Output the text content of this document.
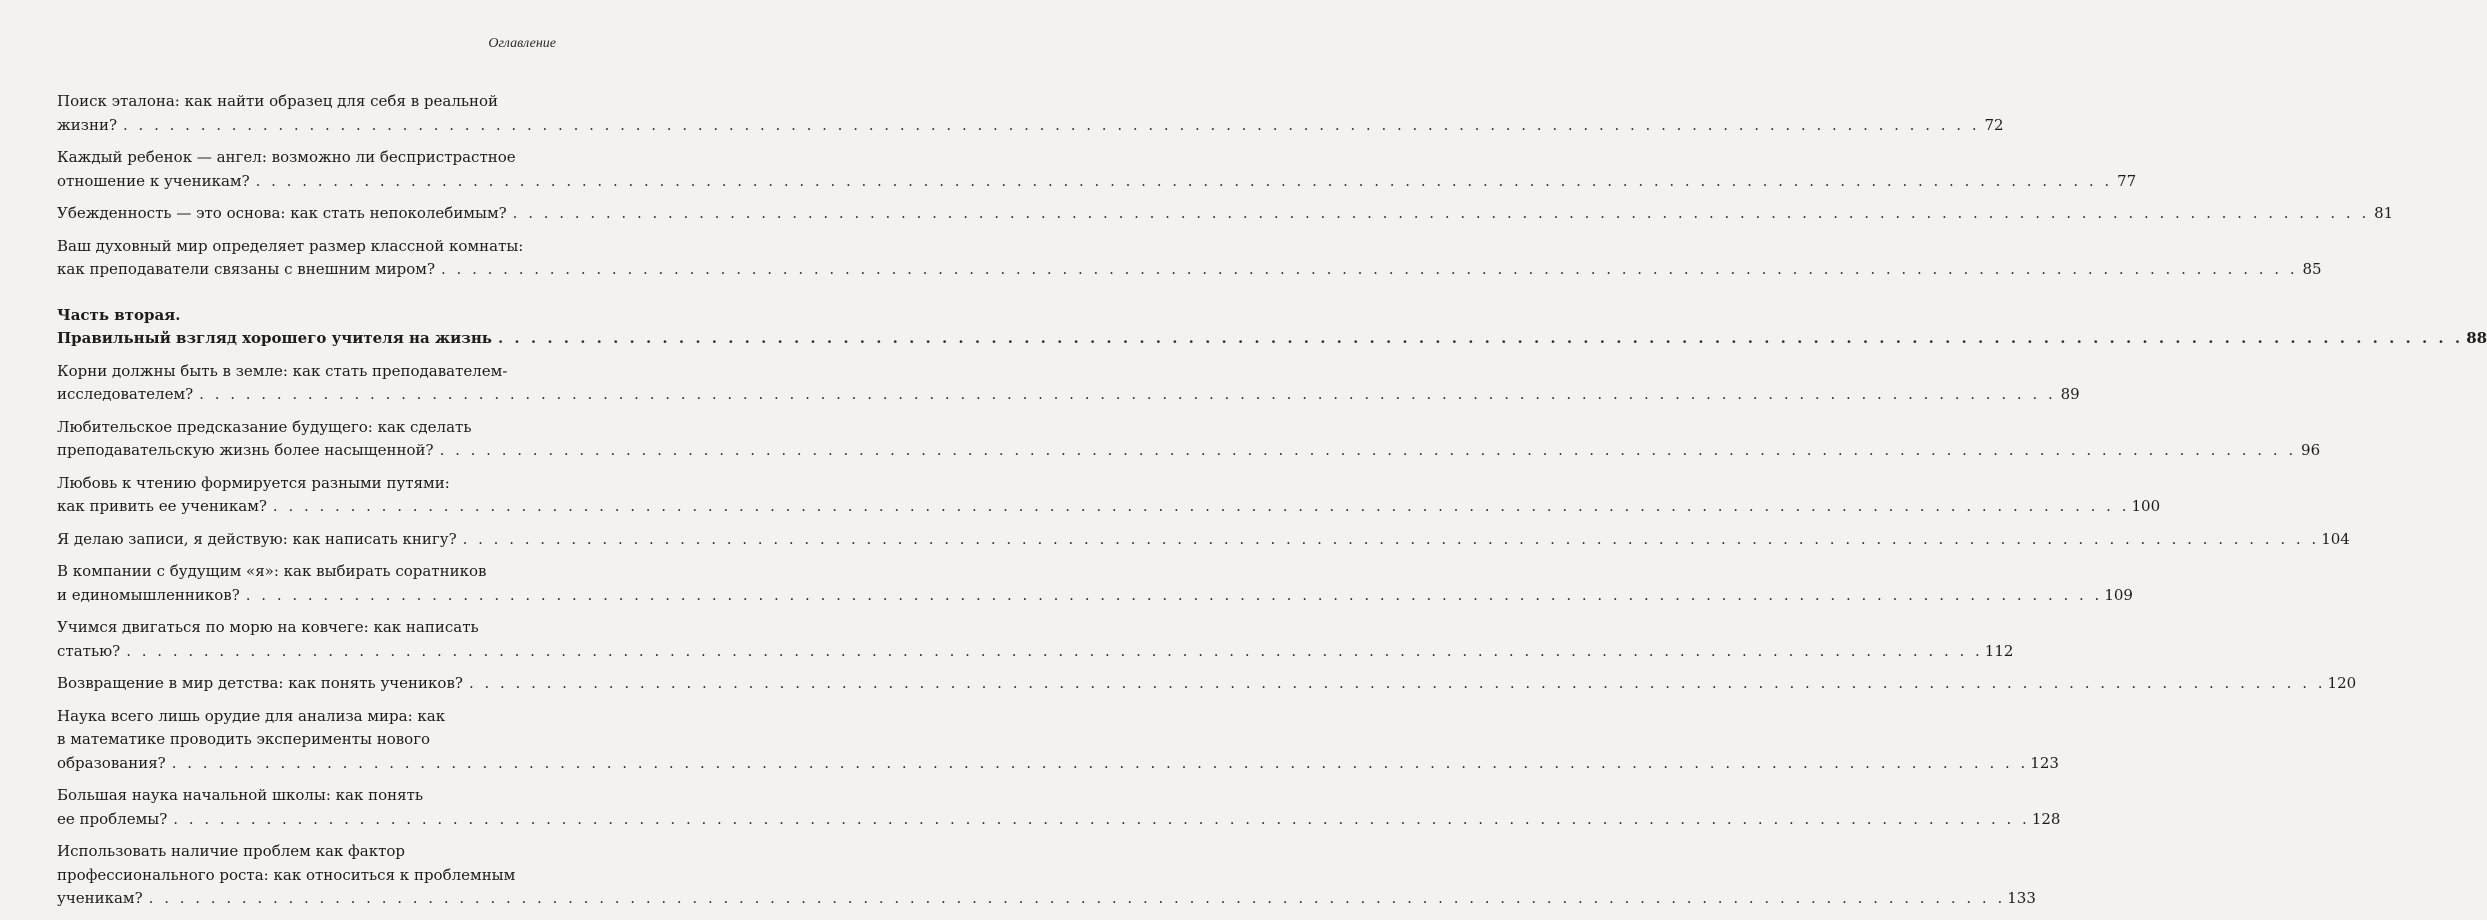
Оглавление
Поиск эталона: как найти образец для себя в реальной
жизни? . . . . . . . . . . . . . . . . . . . . . . . . . . . . . . . . . . . . . . . . . . . . . . . . . . . . . . . . . . . . . . . . . . . . . . . . . . . . . . . . . . . . . . . . . . . . . . . . . . . . . . . . . . . . . . . . . . . . . . . . 72
Каждый ребенок — ангел: возможно ли беспристрастное
отношение к ученикам? . . . . . . . . . . . . . . . . . . . . . . . . . . . . . . . . . . . . . . . . . . . . . . . . . . . . . . . . . . . . . . . . . . . . . . . . . . . . . . . . . . . . . . . . . . . . . . . . . . . . . . . . . . . . . . . . . . . . . . . . 77
Убежденность — это основа: как стать непоколебимым? . . . . . . . . . . . . . . . . . . . . . . . . . . . . . . . . . . . . . . . . . . . . . . . . . . . . . . . . . . . . . . . . . . . . . . . . . . . . . . . . . . . . . . . . . . . . . . . . . . . . . . . . . . . . . . . . . . . . . . . . 81
Ваш духовный мир определяет размер классной комнаты:
как преподаватели связаны с внешним миром? . . . . . . . . . . . . . . . . . . . . . . . . . . . . . . . . . . . . . . . . . . . . . . . . . . . . . . . . . . . . . . . . . . . . . . . . . . . . . . . . . . . . . . . . . . . . . . . . . . . . . . . . . . . . . . . . . . . . . . . . 85
Часть вторая.
Правильный взгляд хорошего учителя на жизнь . . . . . . . . . . . . . . . . . . . . . . . . . . . . . . . . . . . . . . . . . . . . . . . . . . . . . . . . . . . . . . . . . . . . . . . . . . . . . . . . . . . . . . . . . . . . . . . . . . . . . . . . . . . . . . . . . . . . . . . . 88
Корни должны быть в земле: как стать преподавателем-
исследователем? . . . . . . . . . . . . . . . . . . . . . . . . . . . . . . . . . . . . . . . . . . . . . . . . . . . . . . . . . . . . . . . . . . . . . . . . . . . . . . . . . . . . . . . . . . . . . . . . . . . . . . . . . . . . . . . . . . . . . . . . 89
Любительское предсказание будущего: как сделать
преподавательскую жизнь более насыщенной? . . . . . . . . . . . . . . . . . . . . . . . . . . . . . . . . . . . . . . . . . . . . . . . . . . . . . . . . . . . . . . . . . . . . . . . . . . . . . . . . . . . . . . . . . . . . . . . . . . . . . . . . . . . . . . . . . . . . . . . . 96
Любовь к чтению формируется разными путями:
как привить ее ученикам? . . . . . . . . . . . . . . . . . . . . . . . . . . . . . . . . . . . . . . . . . . . . . . . . . . . . . . . . . . . . . . . . . . . . . . . . . . . . . . . . . . . . . . . . . . . . . . . . . . . . . . . . . . . . . . . . . . . . . . . . 100
Я делаю записи, я действую: как написать книгу? . . . . . . . . . . . . . . . . . . . . . . . . . . . . . . . . . . . . . . . . . . . . . . . . . . . . . . . . . . . . . . . . . . . . . . . . . . . . . . . . . . . . . . . . . . . . . . . . . . . . . . . . . . . . . . . . . . . . . . . . 104
В компании с будущим «я»: как выбирать соратников
и единомышленников? . . . . . . . . . . . . . . . . . . . . . . . . . . . . . . . . . . . . . . . . . . . . . . . . . . . . . . . . . . . . . . . . . . . . . . . . . . . . . . . . . . . . . . . . . . . . . . . . . . . . . . . . . . . . . . . . . . . . . . . . 109
Учимся двигаться по морю на ковчеге: как написать
статью? . . . . . . . . . . . . . . . . . . . . . . . . . . . . . . . . . . . . . . . . . . . . . . . . . . . . . . . . . . . . . . . . . . . . . . . . . . . . . . . . . . . . . . . . . . . . . . . . . . . . . . . . . . . . . . . . . . . . . . . . 112
Возвращение в мир детства: как понять учеников? . . . . . . . . . . . . . . . . . . . . . . . . . . . . . . . . . . . . . . . . . . . . . . . . . . . . . . . . . . . . . . . . . . . . . . . . . . . . . . . . . . . . . . . . . . . . . . . . . . . . . . . . . . . . . . . . . . . . . . . . 120
Наука всего лишь орудие для анализа мира: как
в математике проводить эксперименты нового
образования? . . . . . . . . . . . . . . . . . . . . . . . . . . . . . . . . . . . . . . . . . . . . . . . . . . . . . . . . . . . . . . . . . . . . . . . . . . . . . . . . . . . . . . . . . . . . . . . . . . . . . . . . . . . . . . . . . . . . . . . . 123
Большая наука начальной школы: как понять
ее проблемы? . . . . . . . . . . . . . . . . . . . . . . . . . . . . . . . . . . . . . . . . . . . . . . . . . . . . . . . . . . . . . . . . . . . . . . . . . . . . . . . . . . . . . . . . . . . . . . . . . . . . . . . . . . . . . . . . . . . . . . . . 128
Использовать наличие проблем как фактор
профессионального роста: как относиться к проблемным
ученикам? . . . . . . . . . . . . . . . . . . . . . . . . . . . . . . . . . . . . . . . . . . . . . . . . . . . . . . . . . . . . . . . . . . . . . . . . . . . . . . . . . . . . . . . . . . . . . . . . . . . . . . . . . . . . . . . . . . . . . . . . 133
